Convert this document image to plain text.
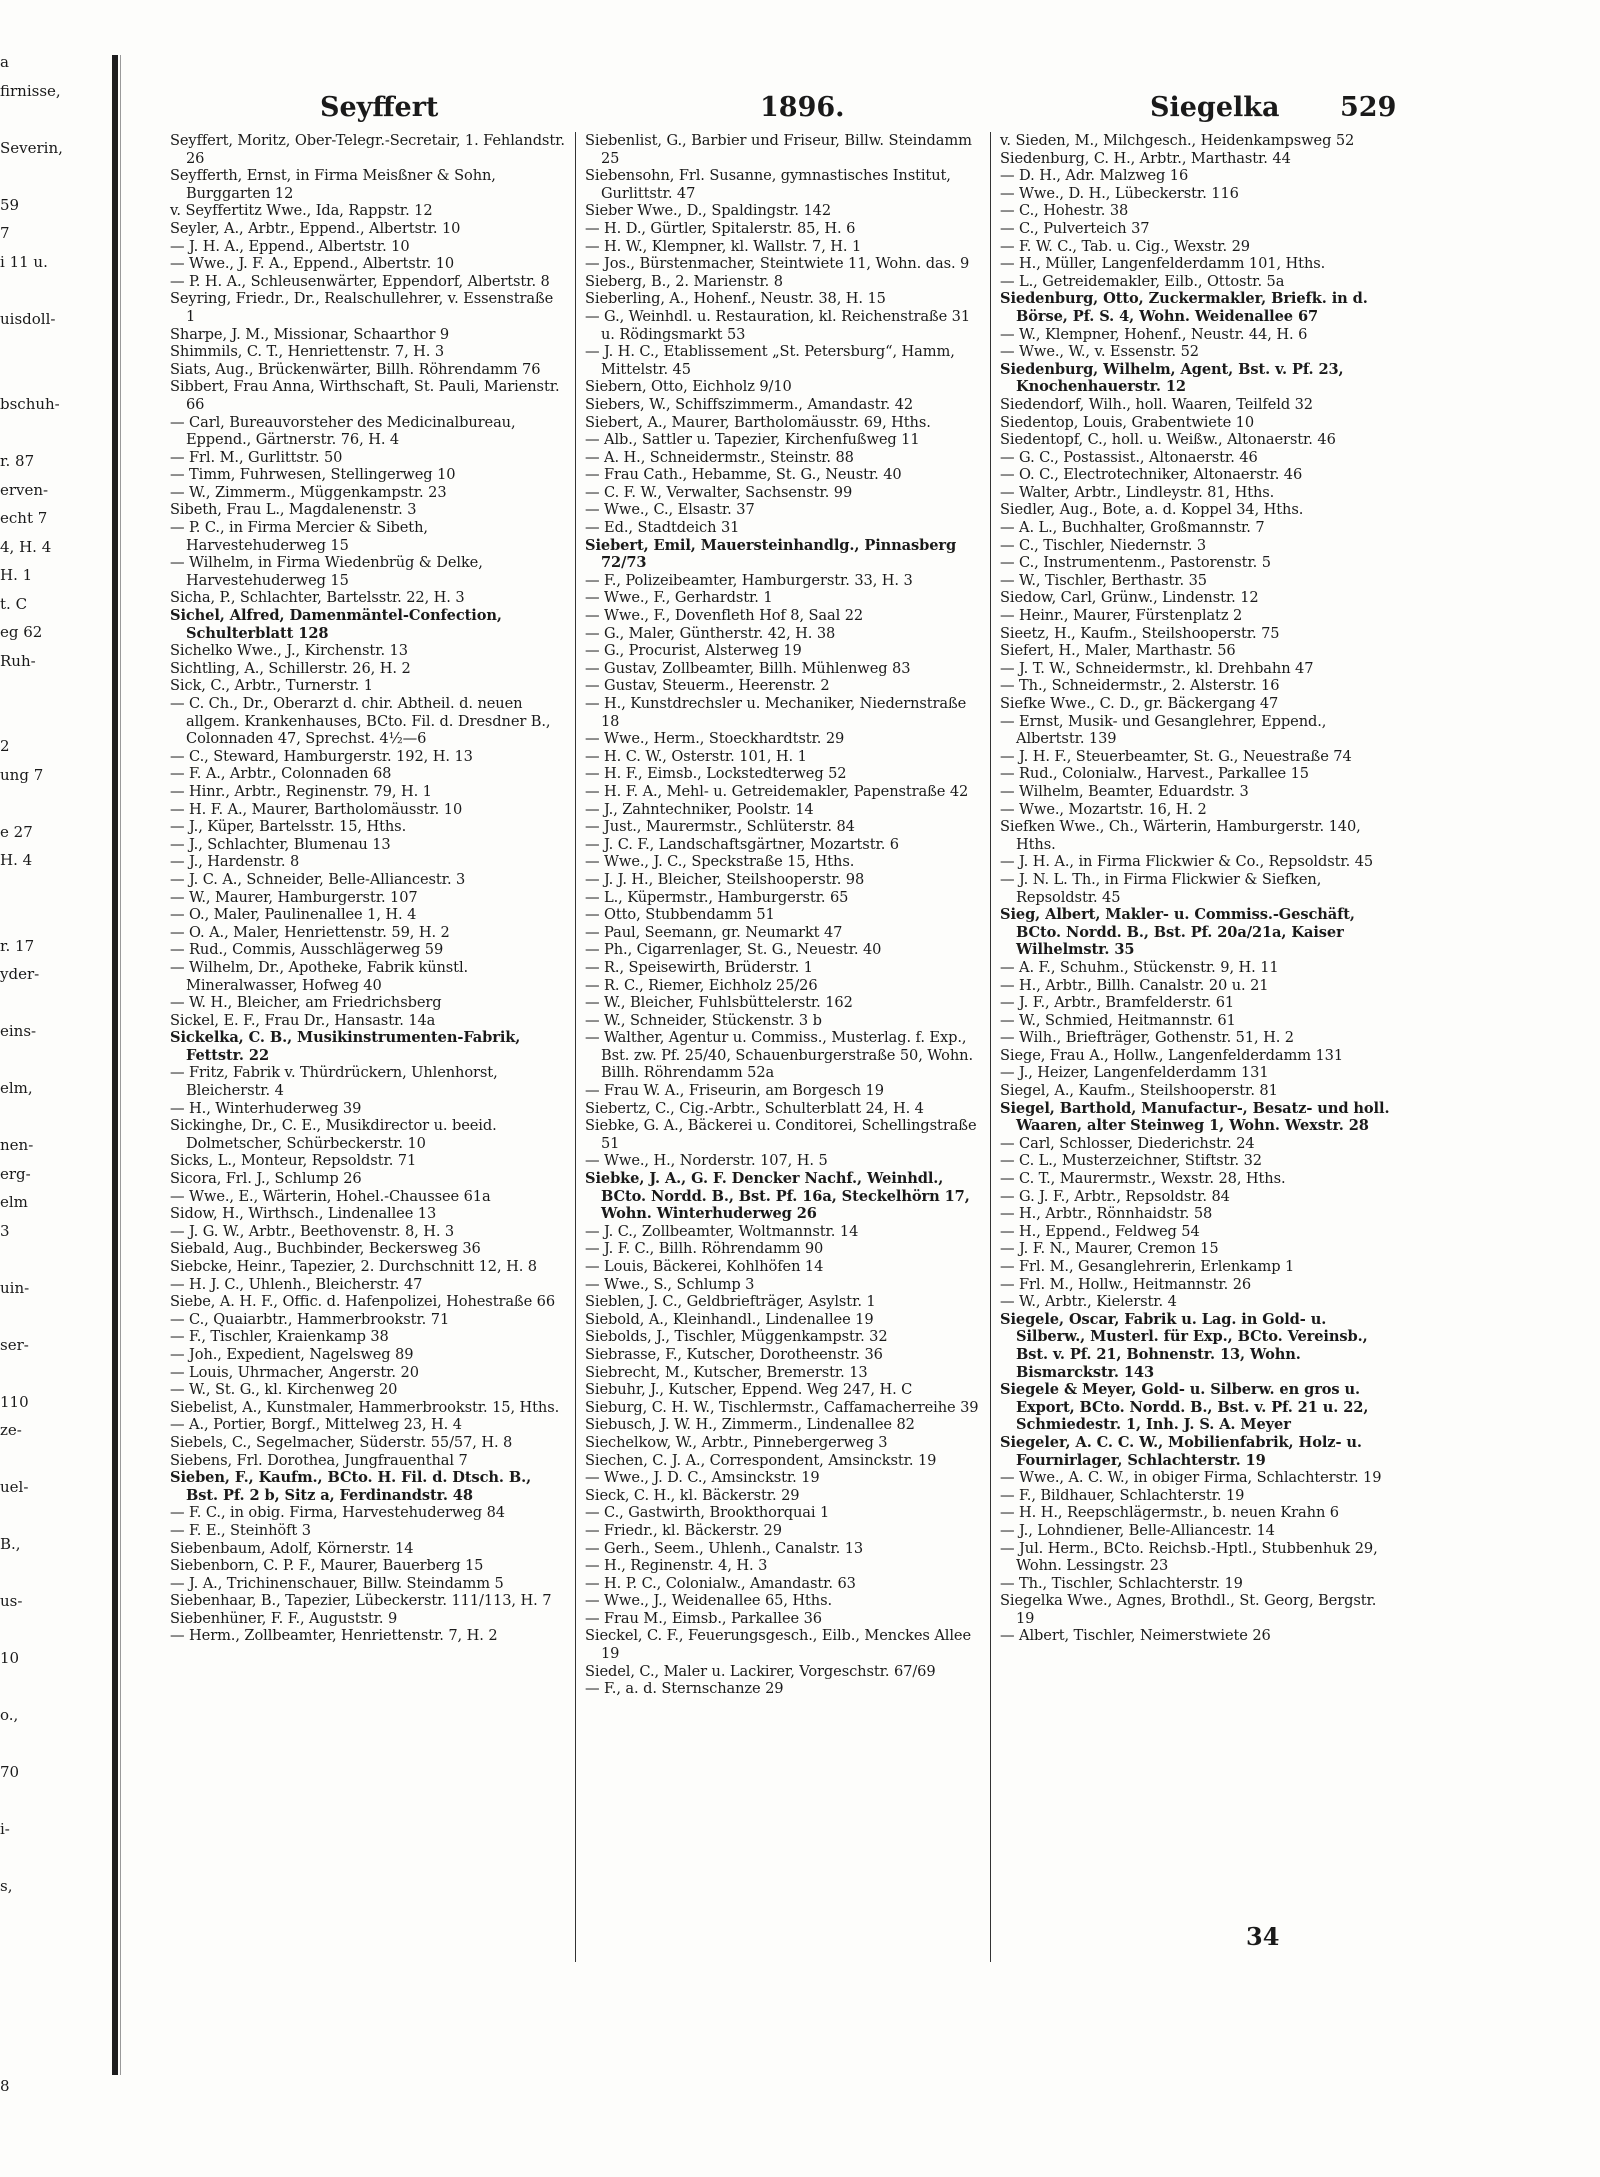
a
firnisse,
Severin,
59
7
i 11 u.
uisdoll-
bschuh-
r. 87
erven-
echt 7
4, H. 4
H. 1
t. C
eg 62
Ruh-
2
ung 7
e 27
H. 4
r. 17
yder-
eins-
elm,
nen-
erg-
elm
3
uin-
ser-
110
ze-
uel-
B.,
us-
10
o.,
70
i-
s,
8
Seyffert	1896.	Siegelka 529
Seyffert, Moritz, Ober-Telegr.-Secretair, 1. Fehlandstr. 26
Seyfferth, Ernst, in Firma Meisßner & Sohn, Burggarten 12
v. Seyffertitz Wwe., Ida, Rappstr. 12
Seyler, A., Arbtr., Eppend., Albertstr. 10
— J. H. A., Eppend., Albertstr. 10
— Wwe., J. F. A., Eppend., Albertstr. 10
— P. H. A., Schleusenwärter, Eppendorf, Albertstr. 8
Seyring, Friedr., Dr., Realschullehrer, v. Essenstraße 1
Sharpe, J. M., Missionar, Schaarthor 9
Shimmils, C. T., Henriettenstr. 7, H. 3
Siats, Aug., Brückenwärter, Billh. Röhrendamm 76
Sibbert, Frau Anna, Wirthschaft, St. Pauli, Marienstr. 66
— Carl, Bureauvorsteher des Medicinalbureau, Eppend., Gärtnerstr. 76, H. 4
— Frl. M., Gurlittstr. 50
— Timm, Fuhrwesen, Stellingerweg 10
— W., Zimmerm., Müggenkampstr. 23
Sibeth, Frau L., Magdalenenstr. 3
— P. C., in Firma Mercier & Sibeth, Harvestehuderweg 15
— Wilhelm, in Firma Wiedenbrüg & Delke, Harvestehuderweg 15
Sicha, P., Schlachter, Bartelsstr. 22, H. 3
Sichel, Alfred, Damenmäntel-Confection, Schulterblatt 128
Sichelko Wwe., J., Kirchenstr. 13
Sichtling, A., Schillerstr. 26, H. 2
Sick, C., Arbtr., Turnerstr. 1
— C. Ch., Dr., Oberarzt d. chir. Abtheil. d. neuen allgem. Krankenhauses, BCto. Fil. d. Dresdner B., Colonnaden 47, Sprechst. 4½—6
— C., Steward, Hamburgerstr. 192, H. 13
— F. A., Arbtr., Colonnaden 68
— Hinr., Arbtr., Reginenstr. 79, H. 1
— H. F. A., Maurer, Bartholomäusstr. 10
— J., Küper, Bartelsstr. 15, Hths.
— J., Schlachter, Blumenau 13
— J., Hardenstr. 8
— J. C. A., Schneider, Belle-Alliancestr. 3
— W., Maurer, Hamburgerstr. 107
— O., Maler, Paulinenallee 1, H. 4
— O. A., Maler, Henriettenstr. 59, H. 2
— Rud., Commis, Ausschlägerweg 59
— Wilhelm, Dr., Apotheke, Fabrik künstl. Mineralwasser, Hofweg 40
— W. H., Bleicher, am Friedrichsberg
Sickel, E. F., Frau Dr., Hansastr. 14a
Sickelka, C. B., Musikinstrumenten-Fabrik, Fettstr. 22
— Fritz, Fabrik v. Thürdrückern, Uhlenhorst, Bleicherstr. 4
— H., Winterhuderweg 39
Sickinghe, Dr., C. E., Musikdirector u. beeid. Dolmetscher, Schürbeckerstr. 10
Sicks, L., Monteur, Repsoldstr. 71
Sicora, Frl. J., Schlump 26
— Wwe., E., Wärterin, Hohel.-Chaussee 61a
Sidow, H., Wirthsch., Lindenallee 13
— J. G. W., Arbtr., Beethovenstr. 8, H. 3
Siebald, Aug., Buchbinder, Beckersweg 36
Siebcke, Heinr., Tapezier, 2. Durchschnitt 12, H. 8
— H. J. C., Uhlenh., Bleicherstr. 47
Siebe, A. H. F., Offic. d. Hafenpolizei, Hohestraße 66
— C., Quaiarbtr., Hammerbrookstr. 71
— F., Tischler, Kraienkamp 38
— Joh., Expedient, Nagelsweg 89
— Louis, Uhrmacher, Angerstr. 20
— W., St. G., kl. Kirchenweg 20
Siebelist, A., Kunstmaler, Hammerbrookstr. 15, Hths.
— A., Portier, Borgf., Mittelweg 23, H. 4
Siebels, C., Segelmacher, Süderstr. 55/57, H. 8
Siebens, Frl. Dorothea, Jungfrauenthal 7
Sieben, F., Kaufm., BCto. H. Fil. d. Dtsch. B., Bst. Pf. 2 b, Sitz a, Ferdinandstr. 48
— F. C., in obig. Firma, Harvestehuderweg 84
— F. E., Steinhöft 3
Siebenbaum, Adolf, Körnerstr. 14
Siebenborn, C. P. F., Maurer, Bauerberg 15
— J. A., Trichinenschauer, Billw. Steindamm 5
Siebenhaar, B., Tapezier, Lübeckerstr. 111/113, H. 7
Siebenhüner, F. F., Auguststr. 9
— Herm., Zollbeamter, Henriettenstr. 7, H. 2
Siebenlist, G., Barbier und Friseur, Billw. Steindamm 25
Siebensohn, Frl. Susanne, gymnastisches Institut, Gurlittstr. 47
Sieber Wwe., D., Spaldingstr. 142
— H. D., Gürtler, Spitalerstr. 85, H. 6
— H. W., Klempner, kl. Wallstr. 7, H. 1
— Jos., Bürstenmacher, Steintwiete 11, Wohn. das. 9
Sieberg, B., 2. Marienstr. 8
Sieberling, A., Hohenf., Neustr. 38, H. 15
— G., Weinhdl. u. Restauration, kl. Reichenstraße 31 u. Rödingsmarkt 53
— J. H. C., Etablissement „St. Petersburg“, Hamm, Mittelstr. 45
Siebern, Otto, Eichholz 9/10
Siebers, W., Schiffszimmerm., Amandastr. 42
Siebert, A., Maurer, Bartholomäusstr. 69, Hths.
— Alb., Sattler u. Tapezier, Kirchenfußweg 11
— A. H., Schneidermstr., Steinstr. 88
— Frau Cath., Hebamme, St. G., Neustr. 40
— C. F. W., Verwalter, Sachsenstr. 99
— Wwe., C., Elsastr. 37
— Ed., Stadtdeich 31
Siebert, Emil, Mauersteinhandlg., Pinnasberg 72/73
— F., Polizeibeamter, Hamburgerstr. 33, H. 3
— Wwe., F., Gerhardstr. 1
— Wwe., F., Dovenfleth Hof 8, Saal 22
— G., Maler, Güntherstr. 42, H. 38
— G., Procurist, Alsterweg 19
— Gustav, Zollbeamter, Billh. Mühlenweg 83
— Gustav, Steuerm., Heerenstr. 2
— H., Kunstdrechsler u. Mechaniker, Niedernstraße 18
— Wwe., Herm., Stoeckhardtstr. 29
— H. C. W., Osterstr. 101, H. 1
— H. F., Eimsb., Lockstedterweg 52
— H. F. A., Mehl- u. Getreidemakler, Papenstraße 42
— J., Zahntechniker, Poolstr. 14
— Just., Maurermstr., Schlüterstr. 84
— J. C. F., Landschaftsgärtner, Mozartstr. 6
— Wwe., J. C., Speckstraße 15, Hths.
— J. J. H., Bleicher, Steilshooperstr. 98
— L., Küpermstr., Hamburgerstr. 65
— Otto, Stubbendamm 51
— Paul, Seemann, gr. Neumarkt 47
— Ph., Cigarrenlager, St. G., Neuestr. 40
— R., Speisewirth, Brüderstr. 1
— R. C., Riemer, Eichholz 25/26
— W., Bleicher, Fuhlsbüttelerstr. 162
— W., Schneider, Stückenstr. 3 b
— Walther, Agentur u. Commiss., Musterlag. f. Exp., Bst. zw. Pf. 25/40, Schauenburgerstraße 50, Wohn. Billh. Röhrendamm 52a
— Frau W. A., Friseurin, am Borgesch 19
Siebertz, C., Cig.-Arbtr., Schulterblatt 24, H. 4
Siebke, G. A., Bäckerei u. Conditorei, Schellingstraße 51
— Wwe., H., Norderstr. 107, H. 5
Siebke, J. A., G. F. Dencker Nachf., Weinhdl., BCto. Nordd. B., Bst. Pf. 16a, Steckelhörn 17, Wohn. Winterhuderweg 26
— J. C., Zollbeamter, Woltmannstr. 14
— J. F. C., Billh. Röhrendamm 90
— Louis, Bäckerei, Kohlhöfen 14
— Wwe., S., Schlump 3
Sieblen, J. C., Geldbriefträger, Asylstr. 1
Siebold, A., Kleinhandl., Lindenallee 19
Siebolds, J., Tischler, Müggenkampstr. 32
Siebrasse, F., Kutscher, Dorotheenstr. 36
Siebrecht, M., Kutscher, Bremerstr. 13
Siebuhr, J., Kutscher, Eppend. Weg 247, H. C
Sieburg, C. H. W., Tischlermstr., Caffamacherreihe 39
Siebusch, J. W. H., Zimmerm., Lindenallee 82
Siechelkow, W., Arbtr., Pinnebergerweg 3
Siechen, C. J. A., Correspondent, Amsinckstr. 19
— Wwe., J. D. C., Amsinckstr. 19
Sieck, C. H., kl. Bäckerstr. 29
— C., Gastwirth, Brookthorquai 1
— Friedr., kl. Bäckerstr. 29
— Gerh., Seem., Uhlenh., Canalstr. 13
— H., Reginenstr. 4, H. 3
— H. P. C., Colonialw., Amandastr. 63
— Wwe., J., Weidenallee 65, Hths.
— Frau M., Eimsb., Parkallee 36
Sieckel, C. F., Feuerungsgesch., Eilb., Menckes Allee 19
Siedel, C., Maler u. Lackirer, Vorgeschstr. 67/69
— F., a. d. Sternschanze 29
v. Sieden, M., Milchgesch., Heidenkampsweg 52
Siedenburg, C. H., Arbtr., Marthastr. 44
— D. H., Adr. Malzweg 16
— Wwe., D. H., Lübeckerstr. 116
— C., Hohestr. 38
— C., Pulverteich 37
— F. W. C., Tab. u. Cig., Wexstr. 29
— H., Müller, Langenfelderdamm 101, Hths.
— L., Getreidemakler, Eilb., Ottostr. 5a
Siedenburg, Otto, Zuckermakler, Briefk. in d. Börse, Pf. S. 4, Wohn. Weidenallee 67
— W., Klempner, Hohenf., Neustr. 44, H. 6
— Wwe., W., v. Essenstr. 52
Siedenburg, Wilhelm, Agent, Bst. v. Pf. 23, Knochenhauerstr. 12
Siedendorf, Wilh., holl. Waaren, Teilfeld 32
Siedentop, Louis, Grabentwiete 10
Siedentopf, C., holl. u. Weißw., Altonaerstr. 46
— G. C., Postassist., Altonaerstr. 46
— O. C., Electrotechniker, Altonaerstr. 46
— Walter, Arbtr., Lindleystr. 81, Hths.
Siedler, Aug., Bote, a. d. Koppel 34, Hths.
— A. L., Buchhalter, Großmannstr. 7
— C., Tischler, Niedernstr. 3
— C., Instrumentenm., Pastorenstr. 5
— W., Tischler, Berthastr. 35
Siedow, Carl, Grünw., Lindenstr. 12
— Heinr., Maurer, Fürstenplatz 2
Sieetz, H., Kaufm., Steilshooperstr. 75
Siefert, H., Maler, Marthastr. 56
— J. T. W., Schneidermstr., kl. Drehbahn 47
— Th., Schneidermstr., 2. Alsterstr. 16
Siefke Wwe., C. D., gr. Bäckergang 47
— Ernst, Musik- und Gesanglehrer, Eppend., Albertstr. 139
— J. H. F., Steuerbeamter, St. G., Neuestraße 74
— Rud., Colonialw., Harvest., Parkallee 15
— Wilhelm, Beamter, Eduardstr. 3
— Wwe., Mozartstr. 16, H. 2
Siefken Wwe., Ch., Wärterin, Hamburgerstr. 140, Hths.
— J. H. A., in Firma Flickwier & Co., Repsoldstr. 45
— J. N. L. Th., in Firma Flickwier & Siefken, Repsoldstr. 45
Sieg, Albert, Makler- u. Commiss.-Geschäft, BCto. Nordd. B., Bst. Pf. 20a/21a, Kaiser Wilhelmstr. 35
— A. F., Schuhm., Stückenstr. 9, H. 11
— H., Arbtr., Billh. Canalstr. 20 u. 21
— J. F., Arbtr., Bramfelderstr. 61
— W., Schmied, Heitmannstr. 61
— Wilh., Briefträger, Gothenstr. 51, H. 2
Siege, Frau A., Hollw., Langenfelderdamm 131
— J., Heizer, Langenfelderdamm 131
Siegel, A., Kaufm., Steilshooperstr. 81
Siegel, Barthold, Manufactur-, Besatz- und holl. Waaren, alter Steinweg 1, Wohn. Wexstr. 28
— Carl, Schlosser, Diederichstr. 24
— C. L., Musterzeichner, Stiftstr. 32
— C. T., Maurermstr., Wexstr. 28, Hths.
— G. J. F., Arbtr., Repsoldstr. 84
— H., Arbtr., Rönnhaidstr. 58
— H., Eppend., Feldweg 54
— J. F. N., Maurer, Cremon 15
— Frl. M., Gesanglehrerin, Erlenkamp 1
— Frl. M., Hollw., Heitmannstr. 26
— W., Arbtr., Kielerstr. 4
Siegele, Oscar, Fabrik u. Lag. in Gold- u. Silberw., Musterl. für Exp., BCto. Vereinsb., Bst. v. Pf. 21, Bohnenstr. 13, Wohn. Bismarckstr. 143
Siegele & Meyer, Gold- u. Silberw. en gros u. Export, BCto. Nordd. B., Bst. v. Pf. 21 u. 22, Schmiedestr. 1, Inh. J. S. A. Meyer
Siegeler, A. C. C. W., Mobilienfabrik, Holz- u. Fournirlager, Schlachterstr. 19
— Wwe., A. C. W., in obiger Firma, Schlachterstr. 19
— F., Bildhauer, Schlachterstr. 19
— H. H., Reepschlägermstr., b. neuen Krahn 6
— J., Lohndiener, Belle-Alliancestr. 14
— Jul. Herm., BCto. Reichsb.-Hptl., Stubbenhuk 29, Wohn. Lessingstr. 23
— Th., Tischler, Schlachterstr. 19
Siegelka Wwe., Agnes, Brothdl., St. Georg, Bergstr. 19
— Albert, Tischler, Neimerstwiete 26
34
